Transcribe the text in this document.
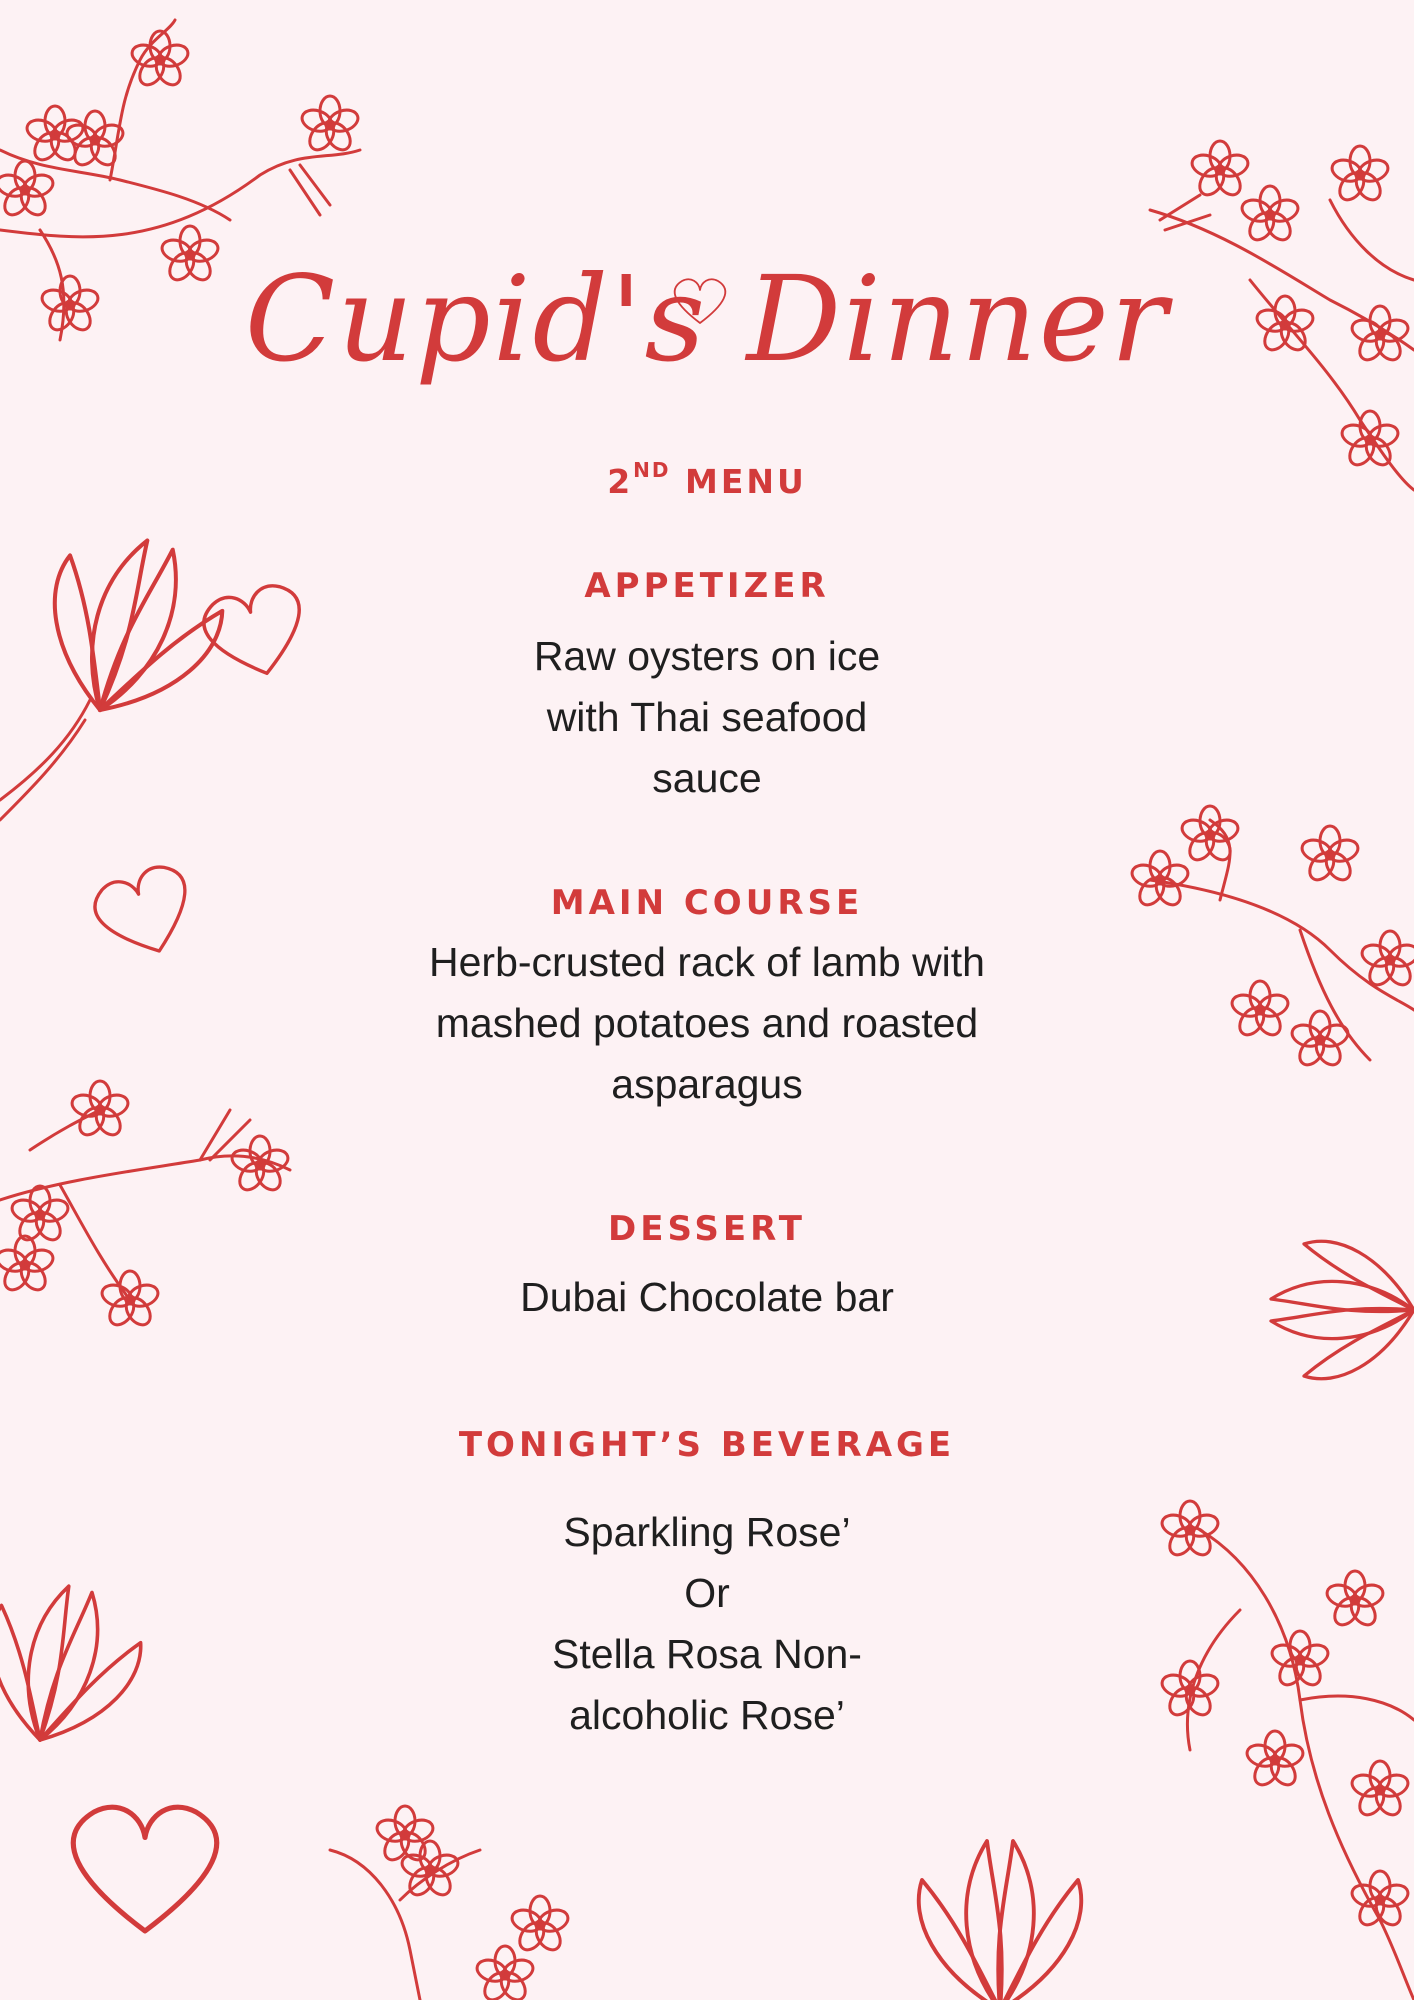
Cupid's Dinner
2ND MENU
APPETIZER
Raw oysters on ice
with Thai seafood
sauce
MAIN COURSE
Herb-crusted rack of lamb with
mashed potatoes and roasted
asparagus
DESSERT
Dubai Chocolate bar
TONIGHT’S BEVERAGE
Sparkling Rose’
Or
Stella Rosa Non-
alcoholic Rose’
